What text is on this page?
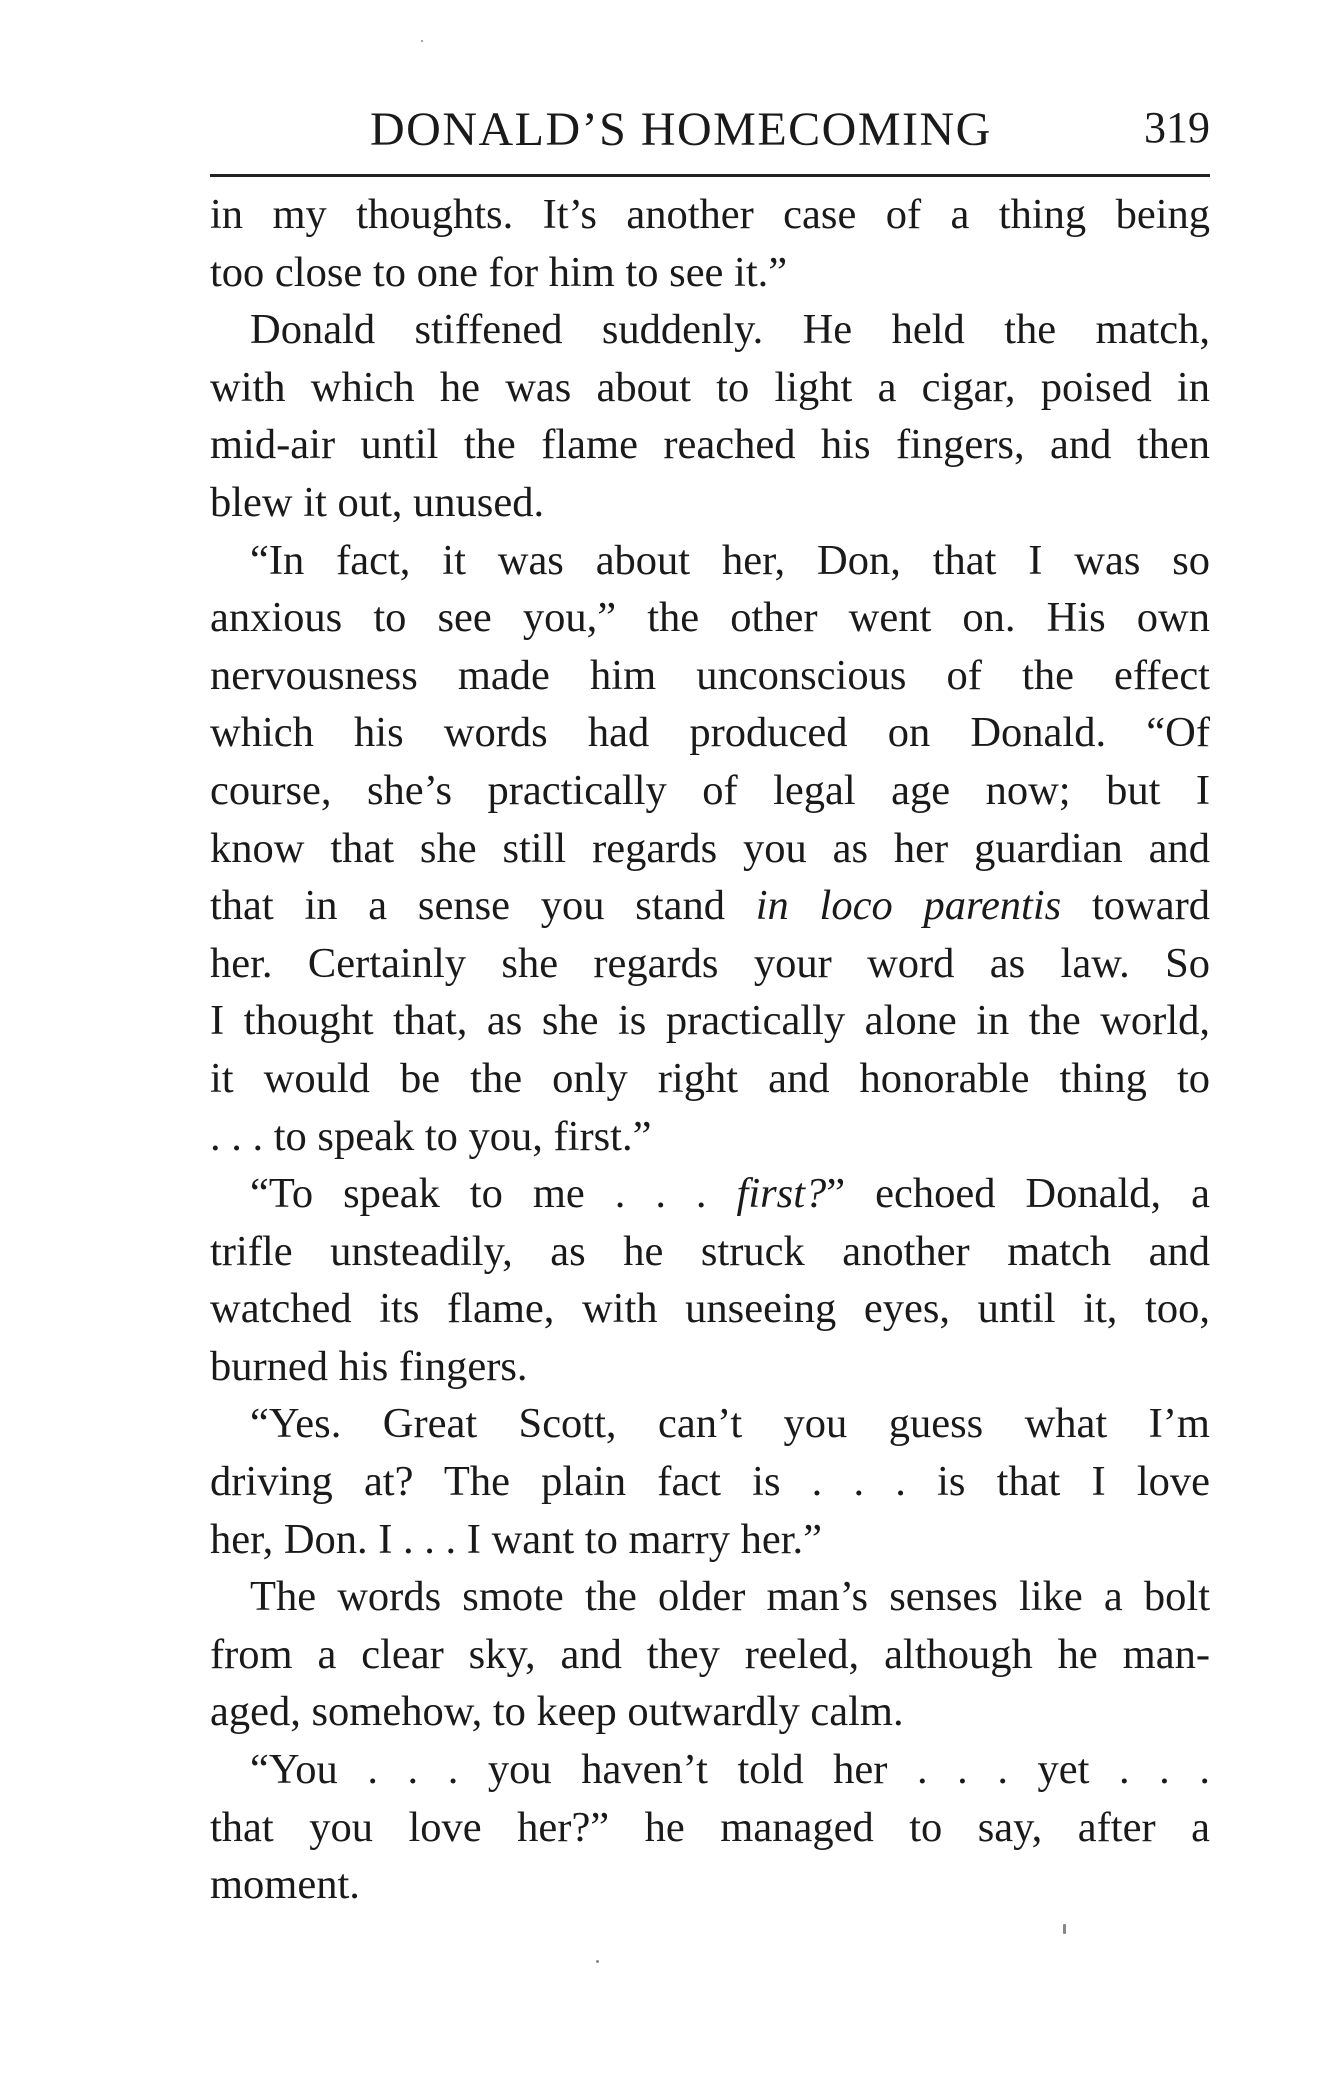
DONALD’S HOMECOMING	319
in my thoughts. It’s another case of a thing being
too close to one for him to see it.”
Donald stiffened suddenly. He held the match,
with which he was about to light a cigar, poised in
mid-air until the flame reached his fingers, and then
blew it out, unused.
“In fact, it was about her, Don, that I was so
anxious to see you,” the other went on. His own
nervousness made him unconscious of the effect
which his words had produced on Donald. “Of
course, she’s practically of legal age now; but I
know that she still regards you as her guardian and
that in a sense you stand in loco parentis toward
her. Certainly she regards your word as law. So
I thought that, as she is practically alone in the world,
it would be the only right and honorable thing to
. . . to speak to you, first.”
“To speak to me . . . first?” echoed Donald, a
trifle unsteadily, as he struck another match and
watched its flame, with unseeing eyes, until it, too,
burned his fingers.
“Yes. Great Scott, can’t you guess what I’m
driving at? The plain fact is . . . is that I love
her, Don. I . . . I want to marry her.”
The words smote the older man’s senses like a bolt
from a clear sky, and they reeled, although he man-
aged, somehow, to keep outwardly calm.
“You . . . you haven’t told her . . . yet . . .
that you love her?” he managed to say, after a
moment.
